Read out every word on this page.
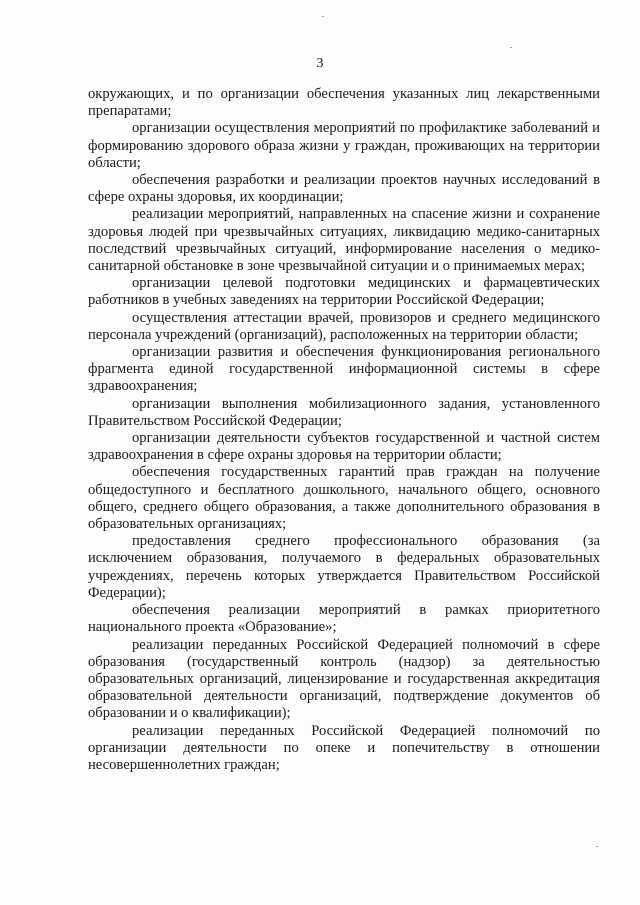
3

окружающих, и по организации обеспечения указанных лиц лекарственными препаратами;

организации осуществления мероприятий по профилактике заболеваний и формированию здорового образа жизни у граждан, проживающих на территории области;

обеспечения разработки и реализации проектов научных исследований в сфере охраны здоровья, их координации;

реализации мероприятий, направленных на спасение жизни и сохранение здоровья людей при чрезвычайных ситуациях, ликвидацию медико-санитарных последствий чрезвычайных ситуаций, информирование населения о медико-санитарной обстановке в зоне чрезвычайной ситуации и о принимаемых мерах;

организации целевой подготовки медицинских и фармацевтических работников в учебных заведениях на территории Российской Федерации;

осуществления аттестации врачей, провизоров и среднего медицинского персонала учреждений (организаций), расположенных на территории области;

организации развития и обеспечения функционирования регионального фрагмента единой государственной информационной системы в сфере здравоохранения;

организации выполнения мобилизационного задания, установленного Правительством Российской Федерации;

организации деятельности субъектов государственной и частной систем здравоохранения в сфере охраны здоровья на территории области;

обеспечения государственных гарантий прав граждан на получение общедоступного и бесплатного дошкольного, начального общего, основного общего, среднего общего образования, а также дополнительного образования в образовательных организациях;

предоставления среднего профессионального образования (за исключением образования, получаемого в федеральных образовательных учреждениях, перечень которых утверждается Правительством Российской Федерации);

обеспечения реализации мероприятий в рамках приоритетного национального проекта «Образование»;

реализации переданных Российской Федерацией полномочий в сфере образования (государственный контроль (надзор) за деятельностью образовательных организаций, лицензирование и государственная аккредитация образовательной деятельности организаций, подтверждение документов об образовании и о квалификации);

реализации переданных Российской Федерацией полномочий по организации деятельности по опеке и попечительству в отношении несовершеннолетних граждан;
